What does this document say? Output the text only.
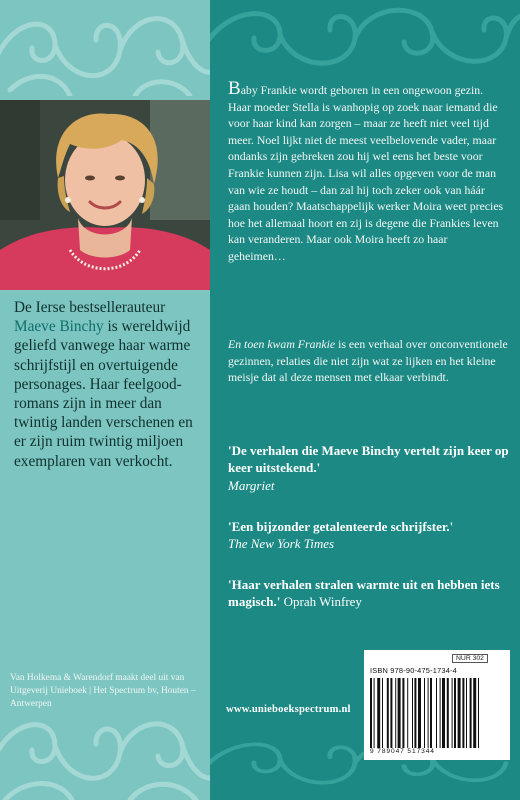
De Ierse bestsellerauteur Maeve Binchy is wereldwijd geliefd vanwege haar warme schrijfstijl en overtuigende personages. Haar feelgood-romans zijn in meer dan twintig landen verschenen en er zijn ruim twintig miljoen exemplaren van verkocht.

Van Holkema & Warendorf maakt deel uit van Uitgeverij Unieboek | Het Spectrum bv, Houten – Antwerpen

Baby Frankie wordt geboren in een ongewoon gezin. Haar moeder Stella is wanhopig op zoek naar iemand die voor haar kind kan zorgen – maar ze heeft niet veel tijd meer. Noel lijkt niet de meest veelbelovende vader, maar ondanks zijn gebreken zou hij wel eens het beste voor Frankie kunnen zijn. Lisa wil alles opgeven voor de man van wie ze houdt – dan zal hij toch zeker ook van háár gaan houden? Maatschappelijk werker Moira weet precies hoe het allemaal hoort en zij is degene die Frankies leven kan veranderen. Maar ook Moira heeft zo haar geheimen…

En toen kwam Frankie is een verhaal over onconventionele gezinnen, relaties die niet zijn wat ze lijken en het kleine meisje dat al deze mensen met elkaar verbindt.

'De verhalen die Maeve Binchy vertelt zijn keer op keer uitstekend.'
Margriet

'Een bijzonder getalenteerde schrijfster.'
The New York Times

'Haar verhalen stralen warmte uit en hebben iets magisch.' Oprah Winfrey

www.unieboekspectrum.nl
NUR 302
ISBN 978-90-475-1734-4
9 789047 517344
